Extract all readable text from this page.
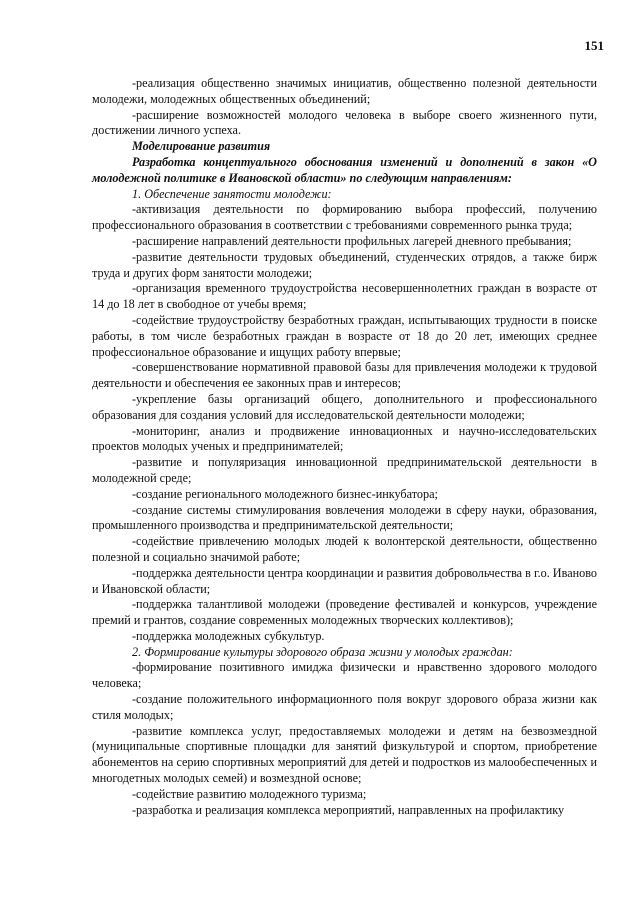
151

-реализация общественно значимых инициатив, общественно полезной деятельности молодежи, молодежных общественных объединений;

-расширение возможностей молодого человека в выборе своего жизненного пути, достижении личного успеха.

Моделирование развития

Разработка концептуального обоснования изменений и дополнений в закон «О молодежной политике в Ивановской области» по следующим направлениям:

1. Обеспечение занятости молодежи:

-активизация деятельности по формированию выбора профессий, получению профессионального образования в соответствии с требованиями современного рынка труда;

-расширение направлений деятельности профильных лагерей дневного пребывания;

-развитие деятельности трудовых объединений, студенческих отрядов, а также бирж труда и других форм занятости молодежи;

-организация временного трудоустройства несовершеннолетних граждан в возрасте от 14 до 18 лет в свободное от учебы время;

-содействие трудоустройству безработных граждан, испытывающих трудности в поиске работы, в том числе безработных граждан в возрасте от 18 до 20 лет, имеющих среднее профессиональное образование и ищущих работу впервые;

-совершенствование нормативной правовой базы для привлечения молодежи к трудовой деятельности и обеспечения ее законных прав и интересов;

-укрепление базы организаций общего, дополнительного и профессионального образования для создания условий для исследовательской деятельности молодежи;

-мониторинг, анализ и продвижение инновационных и научно-исследовательских проектов молодых ученых и предпринимателей;

-развитие и популяризация инновационной предпринимательской деятельности в молодежной среде;

-создание регионального молодежного бизнес-инкубатора;

-создание системы стимулирования вовлечения молодежи в сферу науки, образования, промышленного производства и предпринимательской деятельности;

-содействие привлечению молодых людей к волонтерской деятельности, общественно полезной и социально значимой работе;

-поддержка деятельности центра координации и развития добровольчества в г.о. Иваново и Ивановской области;

-поддержка талантливой молодежи (проведение фестивалей и конкурсов, учреждение премий и грантов, создание современных молодежных творческих коллективов);

-поддержка молодежных субкультур.

2. Формирование культуры здорового образа жизни у молодых граждан:

-формирование позитивного имиджа физически и нравственно здорового молодого человека;

-создание положительного информационного поля вокруг здорового образа жизни как стиля молодых;

-развитие комплекса услуг, предоставляемых молодежи и детям на безвозмездной (муниципальные спортивные площадки для занятий физкультурой и спортом, приобретение абонементов на серию спортивных мероприятий для детей и подростков из малообеспеченных и многодетных молодых семей) и возмездной основе;

-содействие развитию молодежного туризма;

-разработка и реализация комплекса мероприятий, направленных на профилактику
